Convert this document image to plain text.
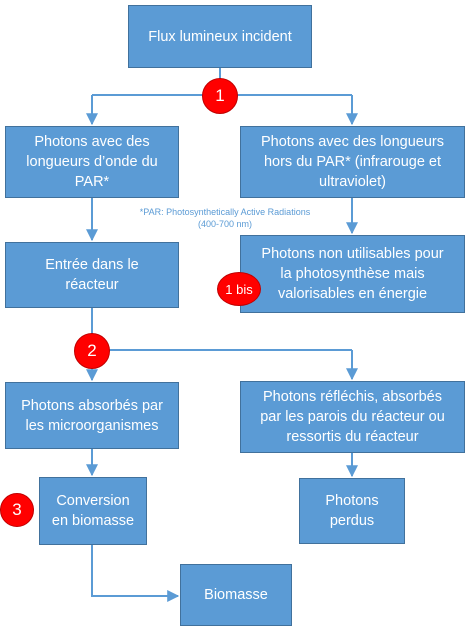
Flux lumineux incident
Photons avec des
longueurs d’onde du
PAR*
Photons avec des longueurs
hors du PAR* (infrarouge et
ultraviolet)
*PAR: Photosynthetically Active Radiations
(400-700 nm)
Entrée dans le
réacteur
Photons non utilisables pour
la photosynthèse mais
valorisables en énergie
Photons absorbés par
les microorganismes
Photons réfléchis, absorbés
par les parois du réacteur ou
ressortis du réacteur
Conversion
en biomasse
Photons
perdus
Biomasse
1
1 bis
2
3
